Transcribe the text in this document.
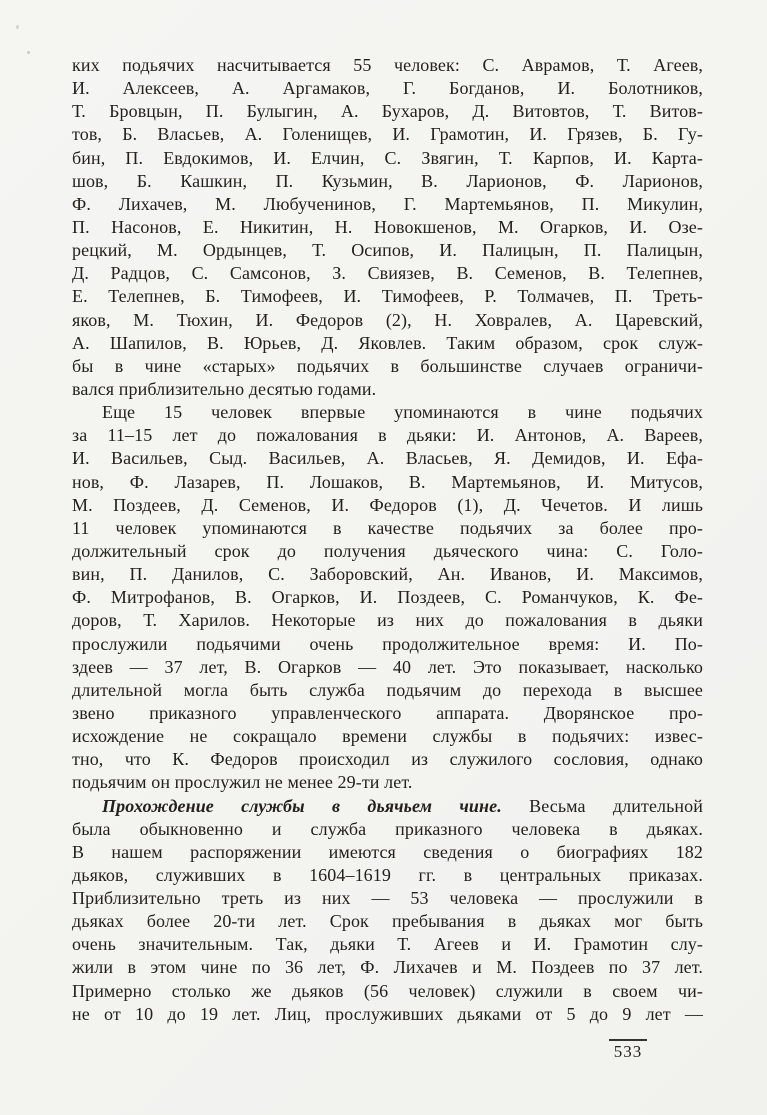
ких подьячих насчитывается 55 человек: С. Аврамов, Т. Агеев,
И. Алексеев, А. Аргамаков, Г. Богданов, И. Болотников,
Т. Бровцын, П. Булыгин, А. Бухаров, Д. Витовтов, Т. Витов-
тов, Б. Власьев, А. Голенищев, И. Грамотин, И. Грязев, Б. Гу-
бин, П. Евдокимов, И. Елчин, С. Звягин, Т. Карпов, И. Карта-
шов, Б. Кашкин, П. Кузьмин, В. Ларионов, Ф. Ларионов,
Ф. Лихачев, М. Любученинов, Г. Мартемьянов, П. Микулин,
П. Насонов, Е. Никитин, Н. Новокшенов, М. Огарков, И. Озе-
рецкий, М. Ордынцев, Т. Осипов, И. Палицын, П. Палицын,
Д. Радцов, С. Самсонов, З. Свиязев, В. Семенов, В. Телепнев,
Е. Телепнев, Б. Тимофеев, И. Тимофеев, Р. Толмачев, П. Треть-
яков, М. Тюхин, И. Федоров (2), Н. Ховралев, А. Царевский,
А. Шапилов, В. Юрьев, Д. Яковлев. Таким образом, срок служ-
бы в чине «старых» подьячих в большинстве случаев ограничи-
вался приблизительно десятью годами.
Еще 15 человек впервые упоминаются в чине подьячих
за 11–15 лет до пожалования в дьяки: И. Антонов, А. Вареев,
И. Васильев, Сыд. Васильев, А. Власьев, Я. Демидов, И. Ефа-
нов, Ф. Лазарев, П. Лошаков, В. Мартемьянов, И. Митусов,
М. Поздеев, Д. Семенов, И. Федоров (1), Д. Чечетов. И лишь
11 человек упоминаются в качестве подьячих за более про-
должительный срок до получения дьяческого чина: С. Голо-
вин, П. Данилов, С. Заборовский, Ан. Иванов, И. Максимов,
Ф. Митрофанов, В. Огарков, И. Поздеев, С. Романчуков, К. Фе-
доров, Т. Харилов. Некоторые из них до пожалования в дьяки
прослужили подьячими очень продолжительное время: И. По-
здеев — 37 лет, В. Огарков — 40 лет. Это показывает, насколько
длительной могла быть служба подьячим до перехода в высшее
звено приказного управленческого аппарата. Дворянское про-
исхождение не сокращало времени службы в подьячих: извес-
тно, что К. Федоров происходил из служилого сословия, однако
подьячим он прослужил не менее 29-ти лет.
Прохождение службы в дьячьем чине. Весьма длительной
была обыкновенно и служба приказного человека в дьяках.
В нашем распоряжении имеются сведения о биографиях 182
дьяков, служивших в 1604–1619 гг. в центральных приказах.
Приблизительно треть из них — 53 человека — прослужили в
дьяках более 20-ти лет. Срок пребывания в дьяках мог быть
очень значительным. Так, дьяки Т. Агеев и И. Грамотин слу-
жили в этом чине по 36 лет, Ф. Лихачев и М. Поздеев по 37 лет.
Примерно столько же дьяков (56 человек) служили в своем чи-
не от 10 до 19 лет. Лиц, прослуживших дьяками от 5 до 9 лет —
533
